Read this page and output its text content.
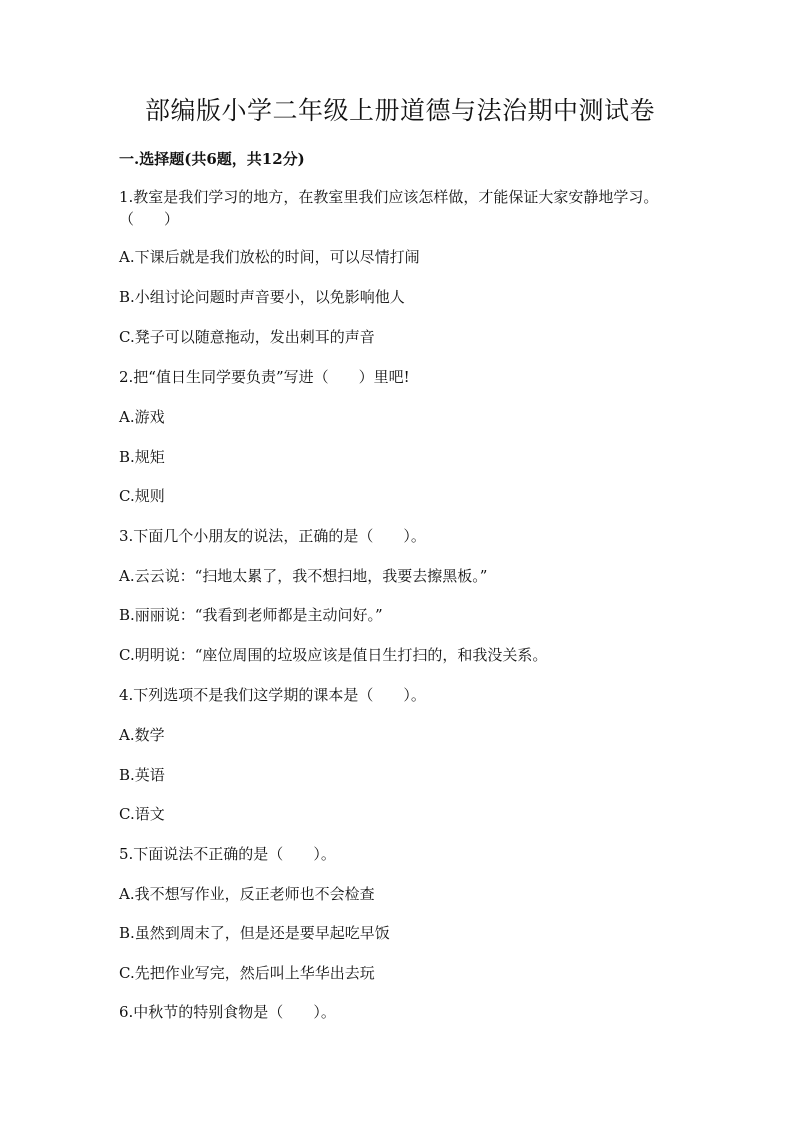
部编版小学二年级上册道德与法治期中测试卷

一.选择题(共6题，共12分)

1.教室是我们学习的地方，在教室里我们应该怎样做，才能保证大家安静地学习。（　　）

A.下课后就是我们放松的时间，可以尽情打闹

B.小组讨论问题时声音要小，以免影响他人

C.凳子可以随意拖动，发出刺耳的声音

2.把“值日生同学要负责”写进（　　）里吧!

A.游戏

B.规矩

C.规则

3.下面几个小朋友的说法，正确的是（　　）。

A.云云说：“扫地太累了，我不想扫地，我要去擦黑板。”

B.丽丽说：“我看到老师都是主动问好。”

C.明明说：“座位周围的垃圾应该是值日生打扫的，和我没关系。

4.下列选项不是我们这学期的课本是（　　）。

A.数学

B.英语

C.语文

5.下面说法不正确的是（　　）。

A.我不想写作业，反正老师也不会检查

B.虽然到周末了，但是还是要早起吃早饭

C.先把作业写完，然后叫上华华出去玩

6.中秋节的特别食物是（　　）。
